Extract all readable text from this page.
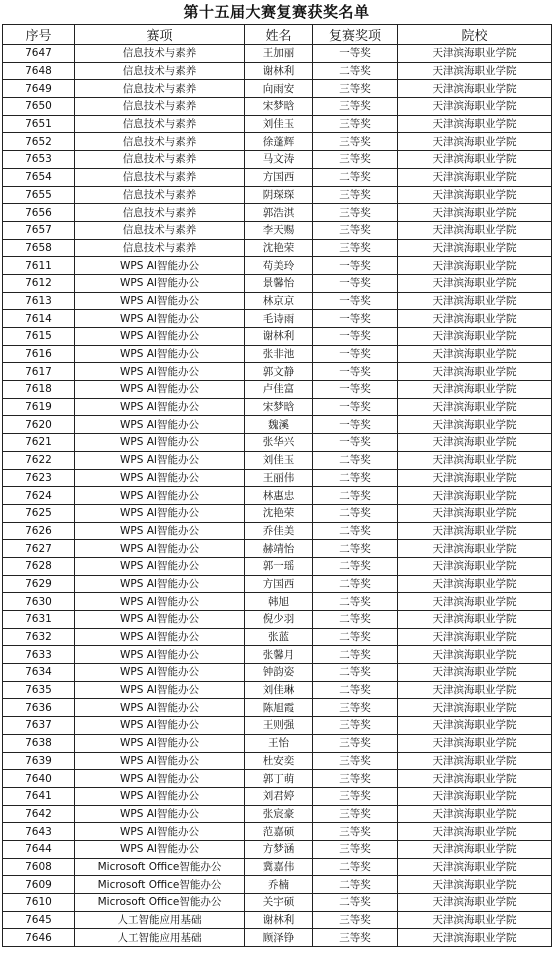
第十五届大赛复赛获奖名单
序号	赛项	姓名	复赛奖项	院校
7647	信息技术与素养	王加丽	一等奖	天津滨海职业学院
7648	信息技术与素养	谢林利	二等奖	天津滨海职业学院
7649	信息技术与素养	向雨安	三等奖	天津滨海职业学院
7650	信息技术与素养	宋梦晗	三等奖	天津滨海职业学院
7651	信息技术与素养	刘佳玉	三等奖	天津滨海职业学院
7652	信息技术与素养	徐蓬辉	三等奖	天津滨海职业学院
7653	信息技术与素养	马文涛	三等奖	天津滨海职业学院
7654	信息技术与素养	方国西	二等奖	天津滨海职业学院
7655	信息技术与素养	阴琛琛	三等奖	天津滨海职业学院
7656	信息技术与素养	郭浩淇	三等奖	天津滨海职业学院
7657	信息技术与素养	李天赐	三等奖	天津滨海职业学院
7658	信息技术与素养	沈艳荣	三等奖	天津滨海职业学院
7611	WPS AI智能办公	苟美玲	一等奖	天津滨海职业学院
7612	WPS AI智能办公	景馨怡	一等奖	天津滨海职业学院
7613	WPS AI智能办公	林京京	一等奖	天津滨海职业学院
7614	WPS AI智能办公	毛诗雨	一等奖	天津滨海职业学院
7615	WPS AI智能办公	谢林利	一等奖	天津滨海职业学院
7616	WPS AI智能办公	张非池	一等奖	天津滨海职业学院
7617	WPS AI智能办公	郭文静	一等奖	天津滨海职业学院
7618	WPS AI智能办公	卢佳富	一等奖	天津滨海职业学院
7619	WPS AI智能办公	宋梦晗	一等奖	天津滨海职业学院
7620	WPS AI智能办公	魏溪	一等奖	天津滨海职业学院
7621	WPS AI智能办公	张华兴	一等奖	天津滨海职业学院
7622	WPS AI智能办公	刘佳玉	二等奖	天津滨海职业学院
7623	WPS AI智能办公	王丽伟	二等奖	天津滨海职业学院
7624	WPS AI智能办公	林惠忠	二等奖	天津滨海职业学院
7625	WPS AI智能办公	沈艳荣	二等奖	天津滨海职业学院
7626	WPS AI智能办公	乔佳美	二等奖	天津滨海职业学院
7627	WPS AI智能办公	赫靖怡	二等奖	天津滨海职业学院
7628	WPS AI智能办公	郭一瑶	二等奖	天津滨海职业学院
7629	WPS AI智能办公	方国西	二等奖	天津滨海职业学院
7630	WPS AI智能办公	韩旭	二等奖	天津滨海职业学院
7631	WPS AI智能办公	倪少羽	二等奖	天津滨海职业学院
7632	WPS AI智能办公	张蓝	二等奖	天津滨海职业学院
7633	WPS AI智能办公	张馨月	二等奖	天津滨海职业学院
7634	WPS AI智能办公	钟韵姿	二等奖	天津滨海职业学院
7635	WPS AI智能办公	刘佳琳	二等奖	天津滨海职业学院
7636	WPS AI智能办公	陈旭霞	三等奖	天津滨海职业学院
7637	WPS AI智能办公	王则强	三等奖	天津滨海职业学院
7638	WPS AI智能办公	王怡	三等奖	天津滨海职业学院
7639	WPS AI智能办公	杜安奕	三等奖	天津滨海职业学院
7640	WPS AI智能办公	郭丁萌	三等奖	天津滨海职业学院
7641	WPS AI智能办公	刘君婷	三等奖	天津滨海职业学院
7642	WPS AI智能办公	张宸豪	三等奖	天津滨海职业学院
7643	WPS AI智能办公	范嘉硕	三等奖	天津滨海职业学院
7644	WPS AI智能办公	方梦涵	三等奖	天津滨海职业学院
7608	Microsoft Office智能办公	冀嘉伟	二等奖	天津滨海职业学院
7609	Microsoft Office智能办公	乔楠	二等奖	天津滨海职业学院
7610	Microsoft Office智能办公	关宇硕	二等奖	天津滨海职业学院
7645	人工智能应用基础	谢林利	三等奖	天津滨海职业学院
7646	人工智能应用基础	顾泽铮	三等奖	天津滨海职业学院
